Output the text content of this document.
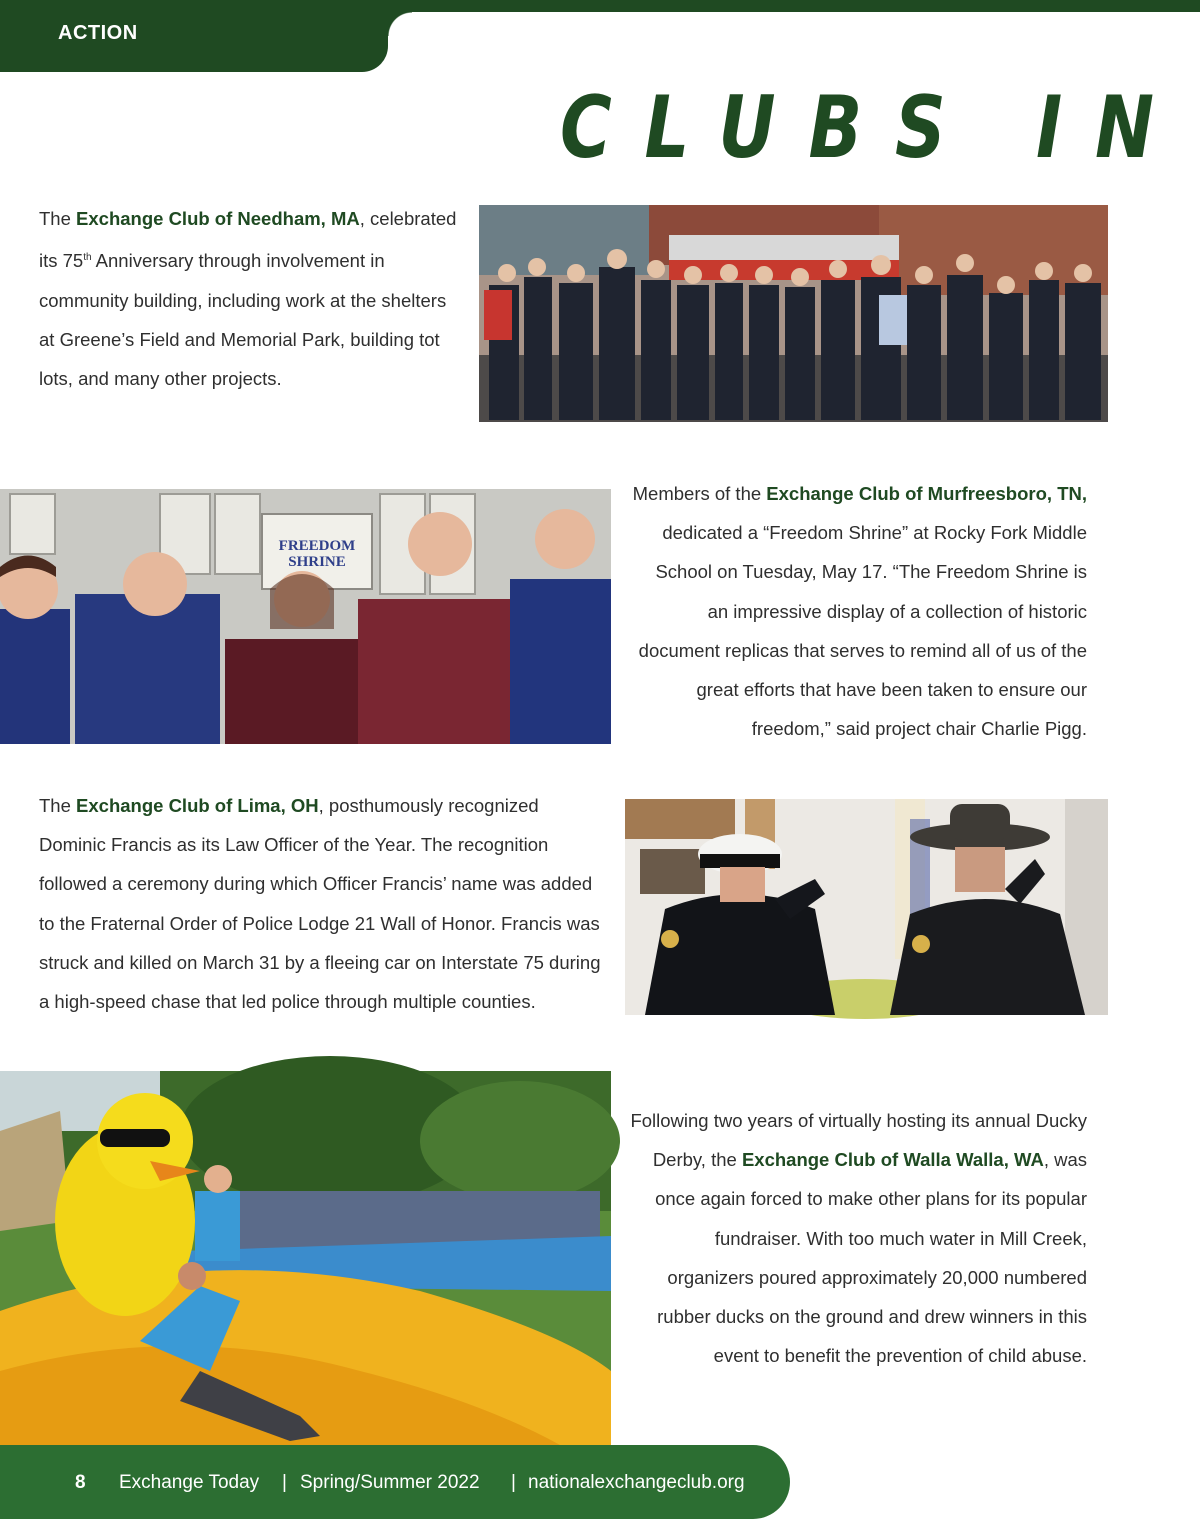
ACTION
CLUBS IN
The Exchange Club of Needham, MA, celebrated its 75th Anniversary through involvement in community building, including work at the shelters at Greene’s Field and Memorial Park, building tot lots, and many other projects.
FREEDOM
SHRINE
Members of the Exchange Club of Murfreesboro, TN, dedicated a “Freedom Shrine” at Rocky Fork Middle School on Tuesday, May 17. “The Freedom Shrine is an impressive display of a collection of historic document replicas that serves to remind all of us of the great efforts that have been taken to ensure our freedom,” said project chair Charlie Pigg.
The Exchange Club of Lima, OH, posthumously recognized Dominic Francis as its Law Officer of the Year. The recognition followed a ceremony during which Officer Francis’ name was added to the Fraternal Order of Police Lodge 21 Wall of Honor. Francis was struck and killed on March 31 by a fleeing car on Interstate 75 during a high-speed chase that led police through multiple counties.
Following two years of virtually hosting its annual Ducky Derby, the Exchange Club of Walla Walla, WA, was once again forced to make other plans for its popular fundraiser. With too much water in Mill Creek, organizers poured approximately 20,000 numbered rubber ducks on the ground and drew winners in this event to benefit the prevention of child abuse.
8 Exchange Today | Spring/Summer 2022 | nationalexchangeclub.org
